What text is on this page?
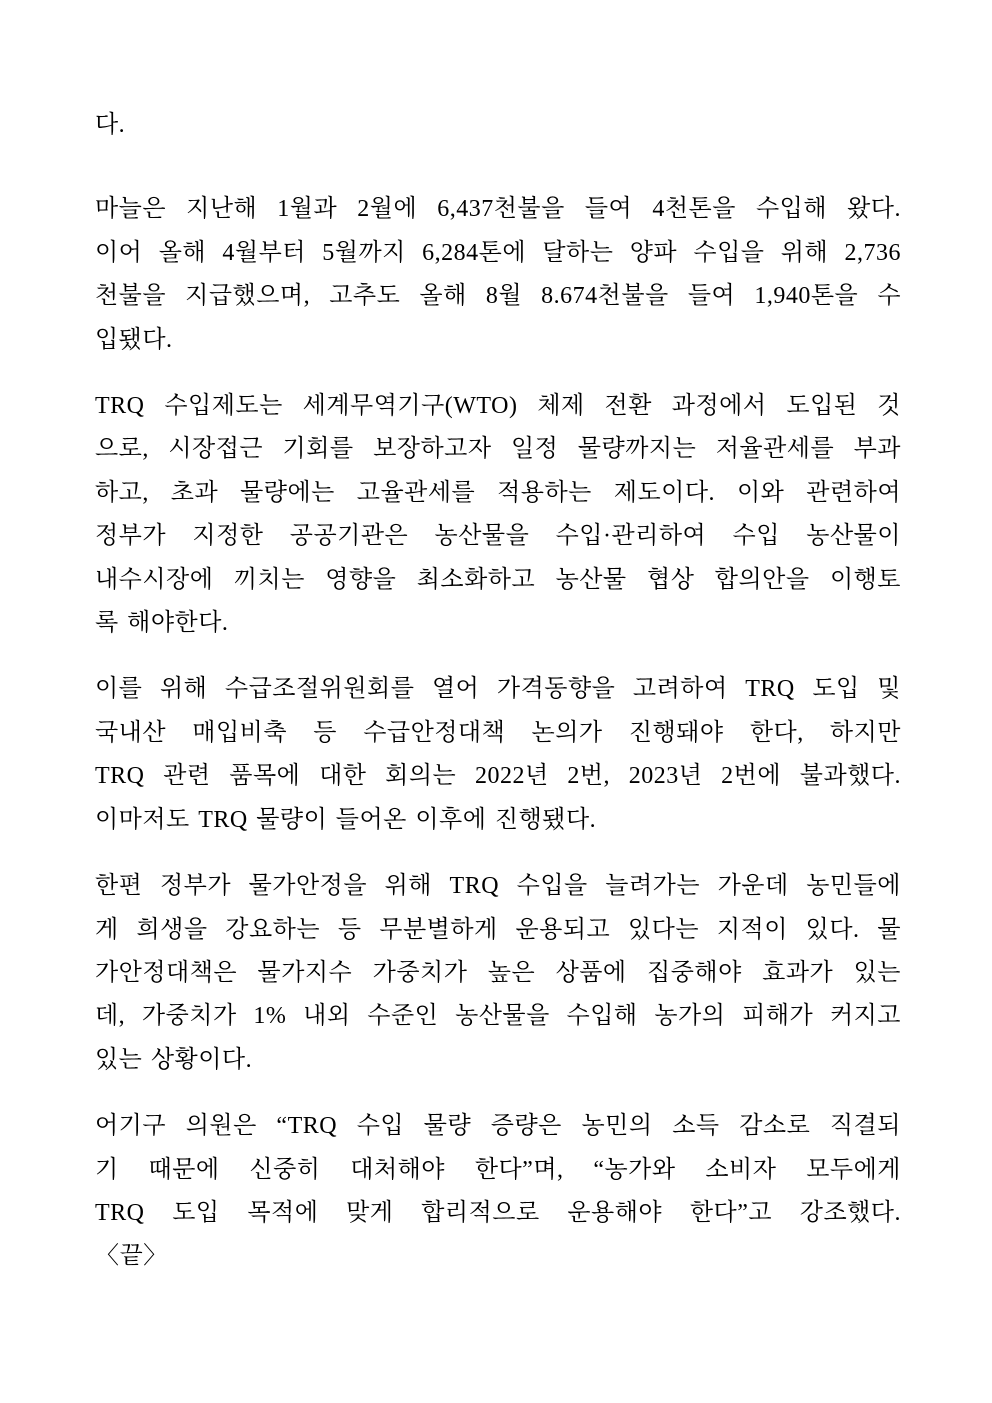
다.
마늘은 지난해 1월과 2월에 6,437천불을 들여 4천톤을 수입해 왔다.
이어 올해 4월부터 5월까지 6,284톤에 달하는 양파 수입을 위해 2,736
천불을 지급했으며, 고추도 올해 8월 8.674천불을 들여 1,940톤을 수
입됐다.
TRQ 수입제도는 세계무역기구(WTO) 체제 전환 과정에서 도입된 것
으로, 시장접근 기회를 보장하고자 일정 물량까지는 저율관세를 부과
하고, 초과 물량에는 고율관세를 적용하는 제도이다. 이와 관련하여
정부가 지정한 공공기관은 농산물을 수입·관리하여 수입 농산물이
내수시장에 끼치는 영향을 최소화하고 농산물 협상 합의안을 이행토
록 해야한다.
이를 위해 수급조절위원회를 열어 가격동향을 고려하여 TRQ 도입 및
국내산 매입비축 등 수급안정대책 논의가 진행돼야 한다, 하지만
TRQ 관련 품목에 대한 회의는 2022년 2번, 2023년 2번에 불과했다.
이마저도 TRQ 물량이 들어온 이후에 진행됐다.
한편 정부가 물가안정을 위해 TRQ 수입을 늘려가는 가운데 농민들에
게 희생을 강요하는 등 무분별하게 운용되고 있다는 지적이 있다. 물
가안정대책은 물가지수 가중치가 높은 상품에 집중해야 효과가 있는
데, 가중치가 1% 내외 수준인 농산물을 수입해 농가의 피해가 커지고
있는 상황이다.
어기구 의원은 “TRQ 수입 물량 증량은 농민의 소득 감소로 직결되
기 때문에 신중히 대처해야 한다”며, “농가와 소비자 모두에게
TRQ 도입 목적에 맞게 합리적으로 운용해야 한다”고 강조했다.
〈끝〉
